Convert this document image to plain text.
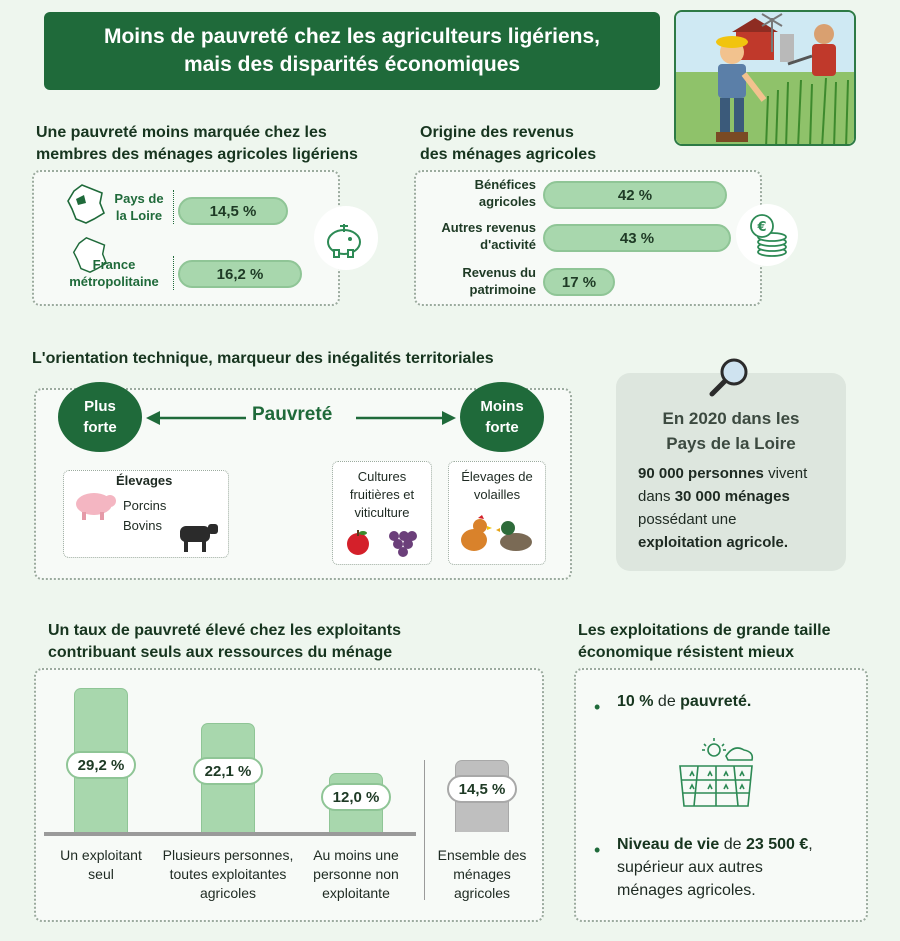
Moins de pauvreté chez les agriculteurs ligériens,
mais des disparités économiques
Une pauvreté moins marquée chez les
membres des ménages agricoles ligériens
Pays de
la Loire	14,5 %
France
métropolitaine	16,2 %
Origine des revenus
des ménages agricoles
Bénéfices
agricoles	42 %
Autres revenus
d'activité	43 %
Revenus du
patrimoine	17 %
€
L'orientation technique, marqueur des inégalités territoriales
Plus
forte
Moins
forte
Pauvreté
Élevages
Porcins
Bovins
Cultures
fruitières et
viticulture
Élevages de
volailles
En 2020 dans les
Pays de la Loire
90 000 personnes vivent
dans 30 000 ménages
possédant une
exploitation agricole.
Un taux de pauvreté élevé chez les exploitants
contribuant seuls aux ressources du ménage
29,2 %
Un exploitant
seul
22,1 %
Plusieurs personnes,
toutes exploitantes
agricoles
12,0 %
Au moins une
personne non
exploitante
14,5 %
Ensemble des
ménages
agricoles
Les exploitations de grande taille
économique résistent mieux
• 10 % de pauvreté.
• Niveau de vie de 23 500 €,
supérieur aux autres
ménages agricoles.
